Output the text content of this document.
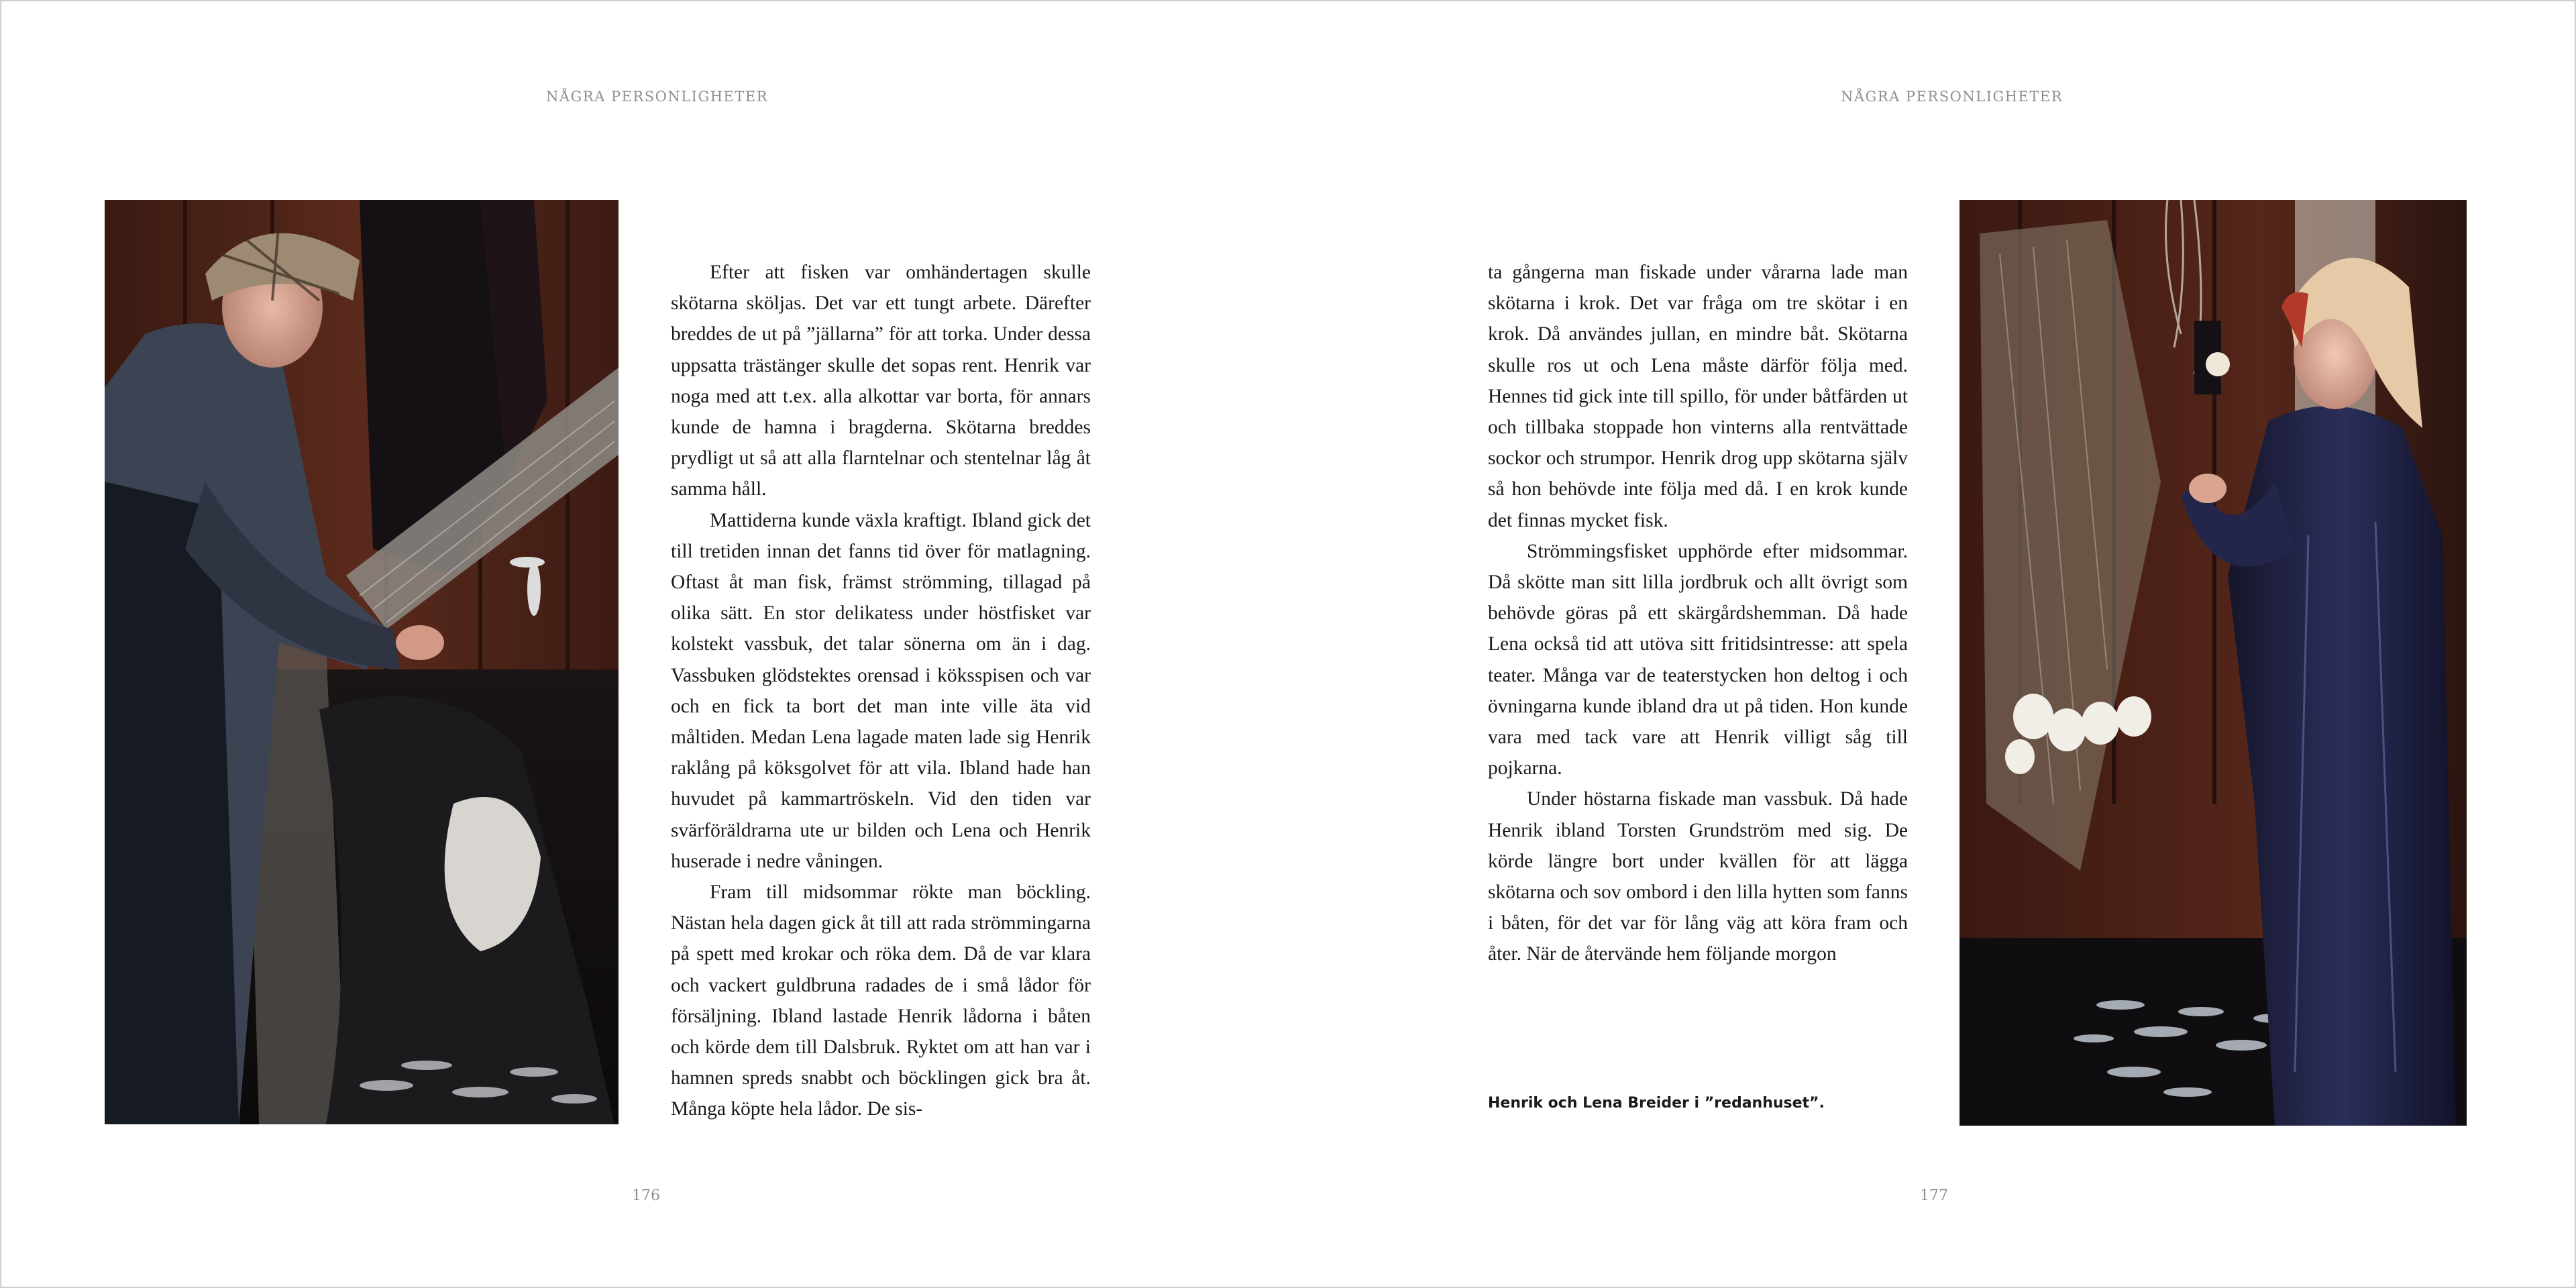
NÅGRA PERSONLIGHETER

Efter att fisken var omhändertagen skulle skötarna sköljas. Det var ett tungt arbete. Därefter breddes de ut på ”jällarna” för att torka. Under dessa uppsatta trästänger skulle det sopas rent. Henrik var noga med att t.ex. alla alkottar var borta, för annars kunde de hamna i bragderna. Skötarna breddes prydligt ut så att alla flarntelnar och stentelnar låg åt samma håll.

Mattiderna kunde växla kraftigt. Ibland gick det till tretiden innan det fanns tid över för matlagning. Oftast åt man fisk, främst strömming, tillagad på olika sätt. En stor delikatess under höstfisket var kolstekt vassbuk, det talar sönerna om än i dag. Vassbuken glödstektes orensad i köksspisen och var och en fick ta bort det man inte ville äta vid måltiden. Medan Lena lagade maten lade sig Henrik raklång på köksgolvet för att vila. Ibland hade han huvudet på kammartröskeln. Vid den tiden var svärföräldrarna ute ur bilden och Lena och Henrik huserade i nedre våningen.

Fram till midsommar rökte man böckling. Nästan hela dagen gick åt till att rada strömmingarna på spett med krokar och röka dem. Då de var klara och vackert guldbruna radades de i små lådor för försäljning. Ibland lastade Henrik lådorna i båten och körde dem till Dalsbruk. Ryktet om att han var i hamnen spreds snabbt och böcklingen gick bra åt. Många köpte hela lådor. De sis-

176
NÅGRA PERSONLIGHETER

ta gångerna man fiskade under vårarna lade man skötarna i krok. Det var fråga om tre skötar i en krok. Då användes jullan, en mindre båt. Skötarna skulle ros ut och Lena måste därför följa med. Hennes tid gick inte till spillo, för under båtfärden ut och tillbaka stoppade hon vinterns alla rentvättade sockor och strumpor. Henrik drog upp skötarna själv så hon behövde inte följa med då. I en krok kunde det finnas mycket fisk.

Strömmingsfisket upphörde efter midsommar. Då skötte man sitt lilla jordbruk och allt övrigt som behövde göras på ett skärgårdshemman. Då hade Lena också tid att utöva sitt fritidsintresse: att spela teater. Många var de teaterstycken hon deltog i och övningarna kunde ibland dra ut på tiden. Hon kunde vara med tack vare att Henrik villigt såg till pojkarna.

Under höstarna fiskade man vassbuk. Då hade Henrik ibland Torsten Grundström med sig. De körde längre bort under kvällen för att lägga skötarna och sov ombord i den lilla hytten som fanns i båten, för det var för lång väg att köra fram och åter. När de återvände hem följande morgon

Henrik och Lena Breider i ”redanhuset”.
177
